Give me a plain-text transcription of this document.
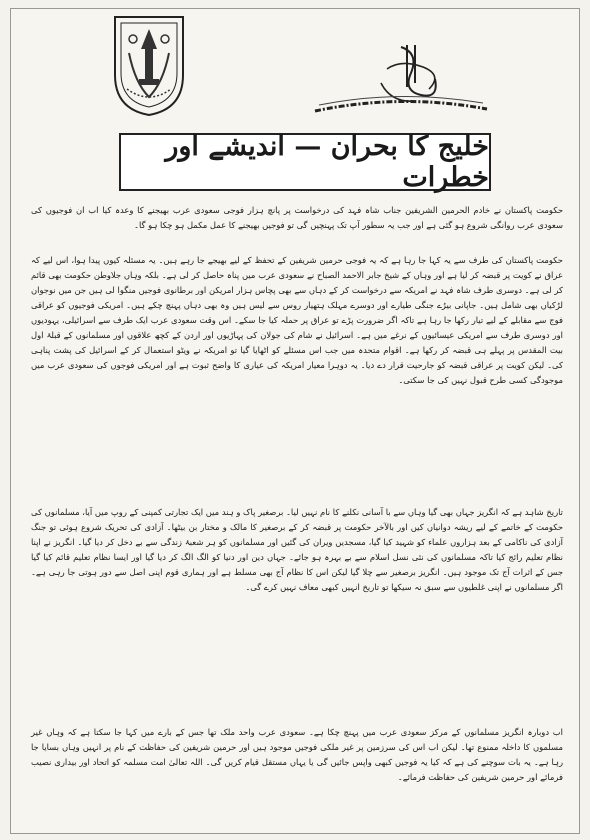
خلیج کا بحران — اندیشے اور خطرات

حکومت پاکستان نے خادم الحرمین الشریفین جناب شاہ فہد کی درخواست پر پانچ ہزار فوجی سعودی عرب بھیجنے کا وعدہ کیا اب ان فوجیوں کی سعودی عرب روانگی شروع ہو گئی ہے اور جب یہ سطور آپ تک پہنچیں گی تو فوجیں بھیجنے کا عمل مکمل ہو چکا ہو گا۔

حکومت پاکستان کی طرف سے یہ کہا جا رہا ہے کہ یہ فوجی حرمین شریفین کے تحفظ کے لیے بھیجے جا رہے ہیں۔ یہ مسئلہ کیوں پیدا ہوا، اس لیے کہ عراق نے کویت پر قبضہ کر لیا ہے اور وہاں کے شیخ جابر الاحمد الصباح نے سعودی عرب میں پناہ حاصل کر لی ہے۔ بلکہ وہاں جلاوطن حکومت بھی قائم کر لی ہے۔ دوسری طرف شاہ فہد نے امریکہ سے درخواست کر کے دہاں سے بھی پچاس ہزار امریکن اور برطانوی فوجیں منگوا لی ہیں جن میں نوجوان لڑکیاں بھی شامل ہیں۔ جاپانی بیڑے جنگی طیارے اور دوسرے مہلک ہتھیار روس سے لیس ہیں وہ بھی دہاں پہنچ چکے ہیں۔ امریکی فوجیوں کو عراقی فوج سے مقابلے کے لیے تیار رکھا جا رہا ہے تاکہ اگر ضرورت پڑے تو عراق پر حملہ کیا جا سکے۔ اس وقت سعودی عرب ایک طرف سے اسرائیلی، یہودیوں اور دوسری طرف سے امریکی عیسائیوں کے نرغے میں ہے۔ اسرائیل نے شام کی جولان کی پہاڑیوں اور اردن کے کچھ علاقوں اور مسلمانوں کے قبلۂ اول بیت المقدس پر پہلے ہی قبضہ کر رکھا ہے۔ اقوام متحدہ میں جب اس مسئلے کو اٹھایا گیا تو امریکہ نے ویٹو استعمال کر کے اسرائیل کی پشت پناہی کی۔ لیکن کویت پر عراقی قبضہ کو جارحیت قرار دے دیا۔ یہ دوہرا معیار امریکہ کی عیاری کا واضح ثبوت ہے اور امریکی فوجوں کی سعودی عرب میں موجودگی کسی طرح قبول نہیں کی جا سکتی۔

تاریخ شاہد ہے کہ انگریز جہاں بھی گیا وہاں سے با آسانی نکلنے کا نام نہیں لیا۔ برصغیر پاک و ہند میں ایک تجارتی کمپنی کے روپ میں آیا، مسلمانوں کی حکومت کے خاتمے کے لیے ریشہ دوانیاں کیں اور بالآخر حکومت پر قبضہ کر کے برصغیر کا مالک و مختار بن بیٹھا۔ آزادی کی تحریک شروع ہوئی تو جنگ آزادی کی ناکامی کے بعد ہزاروں علماء کو شہید کیا گیا، مسجدیں ویران کی گئیں اور مسلمانوں کو ہر شعبۂ زندگی سے بے دخل کر دیا گیا۔ انگریز نے اپنا نظام تعلیم رائج کیا تاکہ مسلمانوں کی نئی نسل اسلام سے بے بہرہ ہو جائے۔ جہاں دین اور دنیا کو الگ الگ کر دیا گیا اور ایسا نظام تعلیم قائم کیا گیا جس کے اثرات آج تک موجود ہیں۔ انگریز برصغیر سے چلا گیا لیکن اس کا نظام آج بھی مسلط ہے اور ہماری قوم اپنی اصل سے دور ہوتی جا رہی ہے۔ اگر مسلمانوں نے اپنی غلطیوں سے سبق نہ سیکھا تو تاریخ انہیں کبھی معاف نہیں کرے گی۔

اب دوبارہ انگریز مسلمانوں کے مرکز سعودی عرب میں پہنچ چکا ہے۔ سعودی عرب واحد ملک تھا جس کے بارے میں کہا جا سکتا ہے کہ وہاں غیر مسلموں کا داخلہ ممنوع تھا۔ لیکن اب اس کی سرزمین پر غیر ملکی فوجیں موجود ہیں اور حرمین شریفین کی حفاظت کے نام پر انہیں وہاں بسایا جا رہا ہے۔ یہ بات سوچنے کی ہے کہ کیا یہ فوجیں کبھی واپس جائیں گی یا یہاں مستقل قیام کریں گی۔ اللہ تعالیٰ امت مسلمہ کو اتحاد اور بیداری نصیب فرمائے اور حرمین شریفین کی حفاظت فرمائے۔
